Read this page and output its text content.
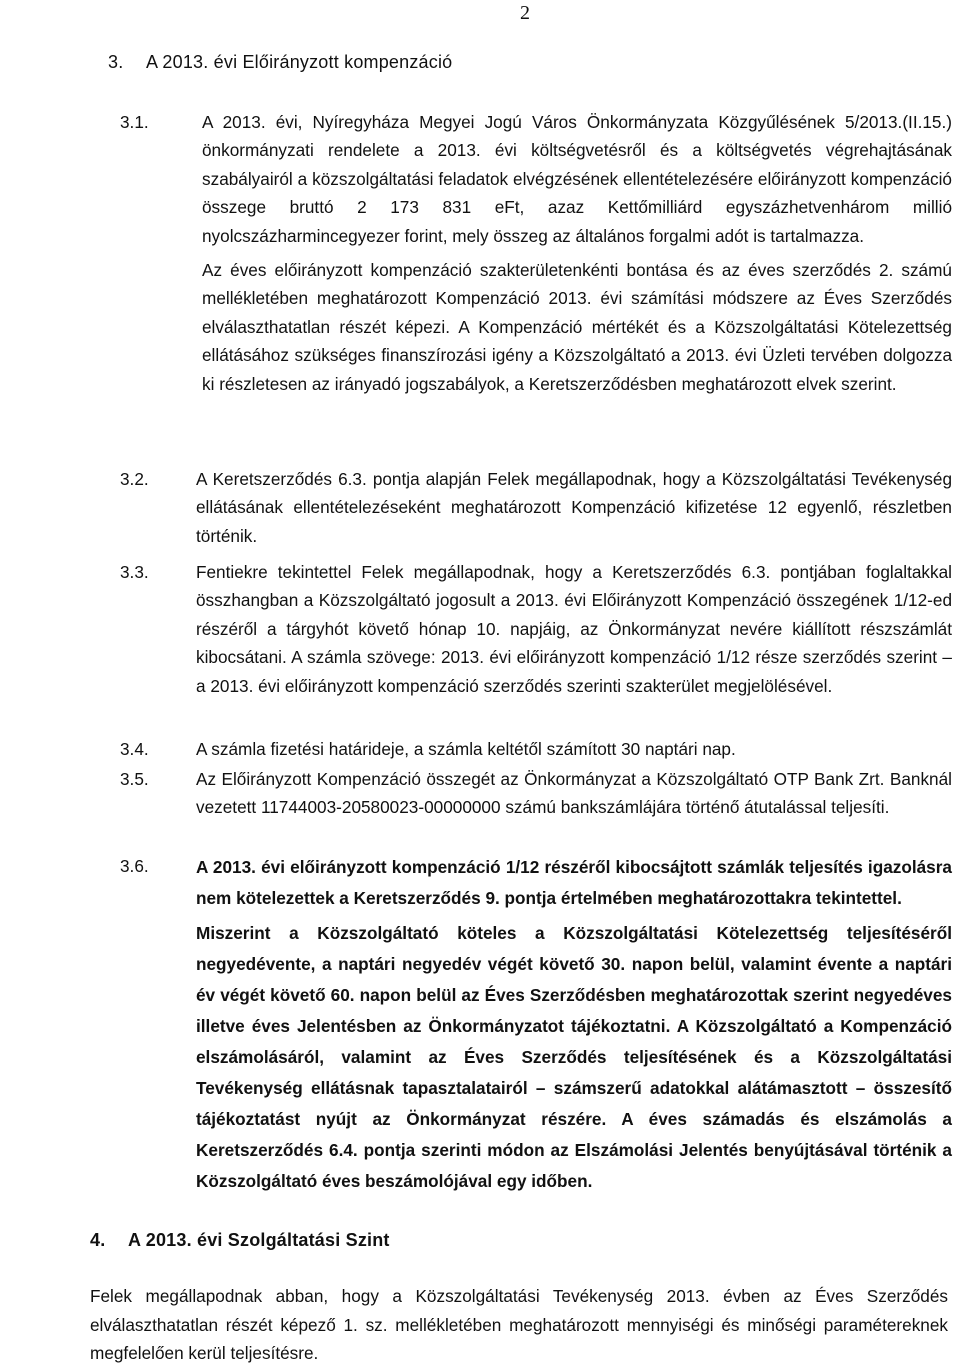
2
3. A 2013. évi Előirányzott kompenzáció
3.1.	A 2013. évi, Nyíregyháza Megyei Jogú Város Önkormányzata Közgyűlésének 5/2013.(II.15.) önkormányzati rendelete a 2013. évi költségvetésről és a költségvetés végrehajtásának szabályairól a közszolgáltatási feladatok elvégzésének ellentételezésére előirányzott kompenzáció összege bruttó 2 173 831 eFt, azaz Kettőmilliárd egyszázhetvenhárom millió nyolcszázharmincegyezer forint, mely összeg az általános forgalmi adót is tartalmazza.

Az éves előirányzott kompenzáció szakterületenkénti bontása és az éves szerződés 2. számú mellékletében meghatározott Kompenzáció 2013. évi számítási módszere az Éves Szerződés elválaszthatatlan részét képezi. A Kompenzáció mértékét és a Közszolgáltatási Kötelezettség ellátásához szükséges finanszírozási igény a Közszolgáltató a 2013. évi Üzleti tervében dolgozza ki részletesen az irányadó jogszabályok, a Keretszerződésben meghatározott elvek szerint.

3.2.	A Keretszerződés 6.3. pontja alapján Felek megállapodnak, hogy a Közszolgáltatási Tevékenység ellátásának ellentételezéseként meghatározott Kompenzáció kifizetése 12 egyenlő, részletben történik.

3.3.	Fentiekre tekintettel Felek megállapodnak, hogy a Keretszerződés 6.3. pontjában foglaltakkal összhangban a Közszolgáltató jogosult a 2013. évi Előirányzott Kompenzáció összegének 1/12-ed részéről a tárgyhót követő hónap 10. napjáig, az Önkormányzat nevére kiállított részszámlát kibocsátani. A számla szövege: 2013. évi előirányzott kompenzáció 1/12 része szerződés szerint – a 2013. évi előirányzott kompenzáció szerződés szerinti szakterület megjelölésével.

3.4.	A számla fizetési határideje, a számla keltétől számított 30 naptári nap.

3.5.	Az Előirányzott Kompenzáció összegét az Önkormányzat a Közszolgáltató OTP Bank Zrt. Banknál vezetett 11744003-20580023-00000000 számú bankszámlájára történő átutalással teljesíti.

3.6.	A 2013. évi előirányzott kompenzáció 1/12 részéről kibocsájtott számlák teljesítés igazolásra nem kötelezettek a Keretszerződés 9. pontja értelmében meghatározottakra tekintettel.

Miszerint a Közszolgáltató köteles a Közszolgáltatási Kötelezettség teljesítéséről negyedévente, a naptári negyedév végét követő 30. napon belül, valamint évente a naptári év végét követő 60. napon belül az Éves Szerződésben meghatározottak szerint negyedéves illetve éves Jelentésben az Önkormányzatot tájékoztatni. A Közszolgáltató a Kompenzáció elszámolásáról, valamint az Éves Szerződés teljesítésének és a Közszolgáltatási Tevékenység ellátásnak tapasztalatairól – számszerű adatokkal alátámasztott – összesítő tájékoztatást nyújt az Önkormányzat részére. A éves számadás és elszámolás a Keretszerződés 6.4. pontja szerinti módon az Elszámolási Jelentés benyújtásával történik a Közszolgáltató éves beszámolójával egy időben.

4. A 2013. évi Szolgáltatási Szint

Felek megállapodnak abban, hogy a Közszolgáltatási Tevékenység 2013. évben az Éves Szerződés elválaszthatatlan részét képező 1. sz. mellékletében meghatározott mennyiségi és minőségi paramétereknek megfelelően kerül teljesítésre.
